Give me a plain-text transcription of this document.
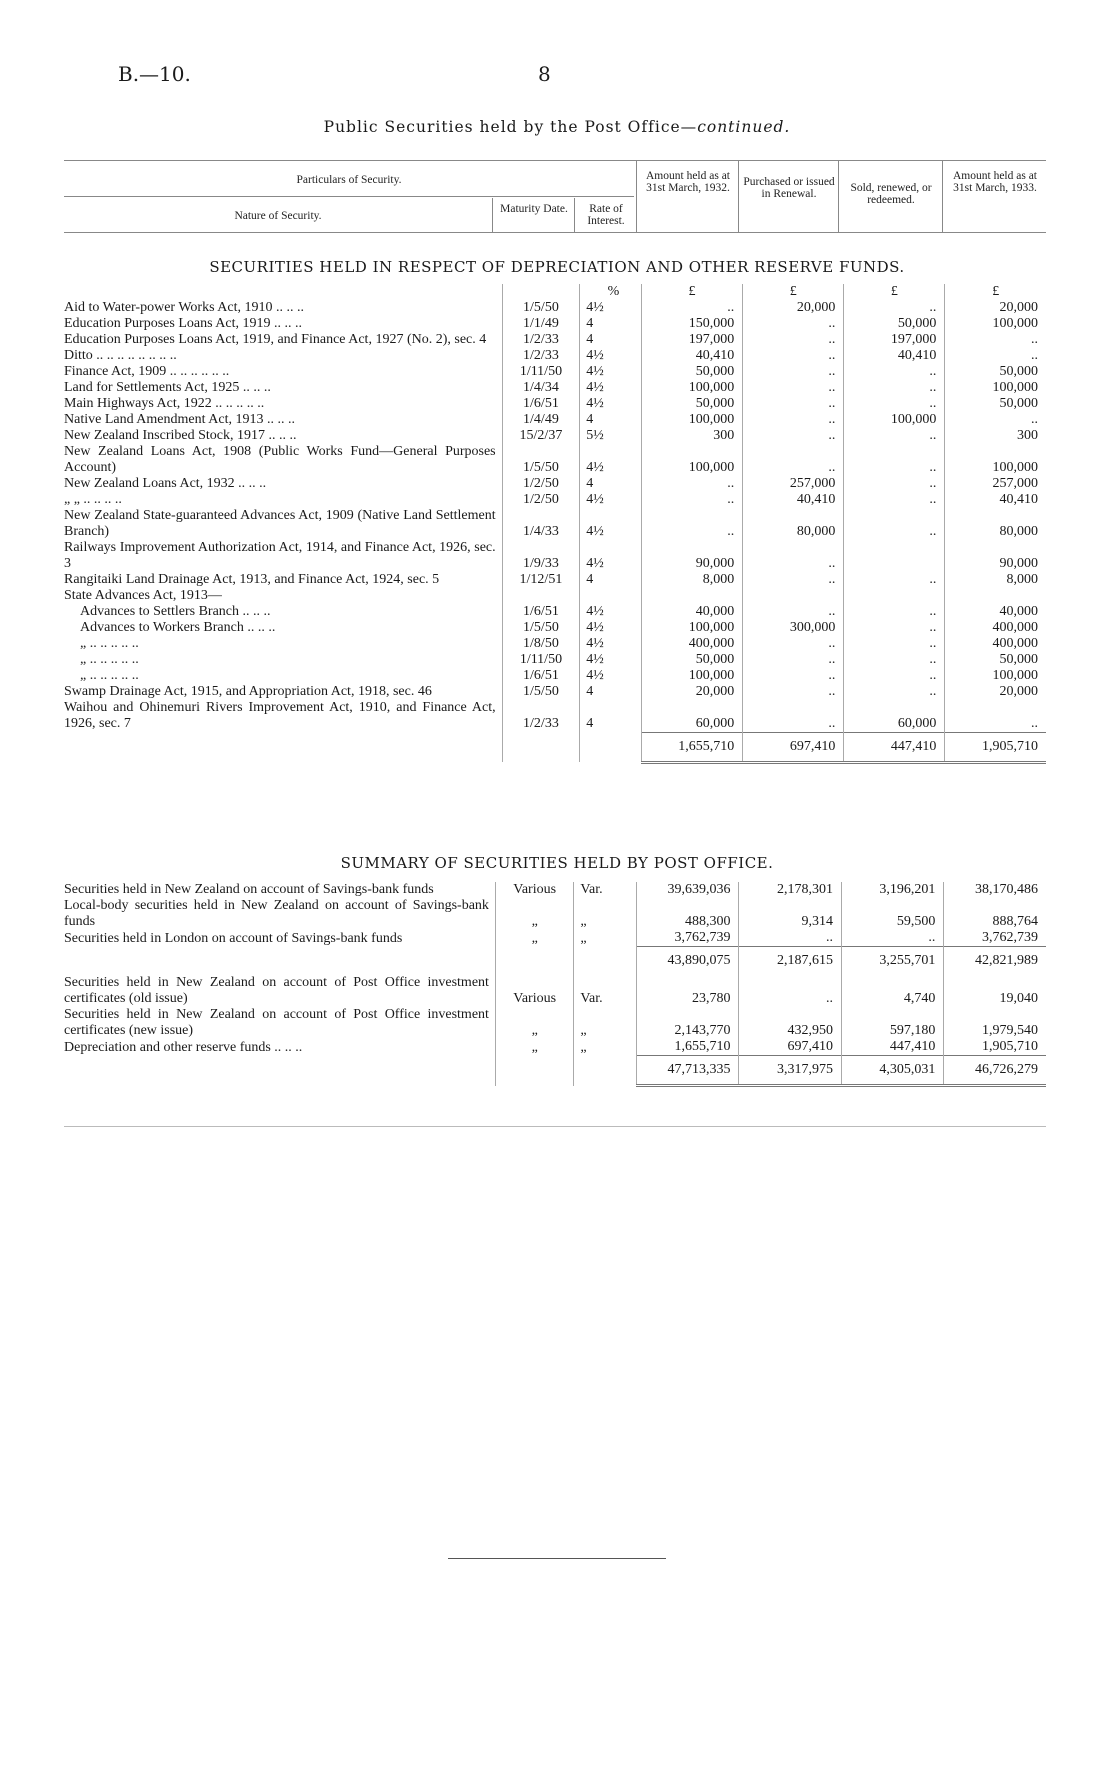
B.—10.	8
Public Securities held by the Post Office—continued.
Particulars of Security.
Nature of Security.
Maturity Date.	Rate of Interest.
Amount held as at 31st March, 1932.	Purchased or issued in Renewal.	Sold, renewed, or redeemed.
Amount held as at 31st March, 1933.
SECURITIES HELD IN RESPECT OF DEPRECIATION AND OTHER RESERVE FUNDS.
		%	£	£	£	£
Aid to Water-power Works Act, 1910 .. .. ..	1/5/50	4½	..	20,000	..	20,000
Education Purposes Loans Act, 1919 .. .. ..	1/1/49	4	150,000	..	50,000	100,000
Education Purposes Loans Act, 1919, and Finance Act, 1927 (No. 2), sec. 4	1/2/33	4	197,000	..	197,000	..
Ditto .. .. .. .. .. .. .. ..	1/2/33	4½	40,410	..	40,410	..
Finance Act, 1909 .. .. .. .. .. ..	1/11/50	4½	50,000	..	..	50,000
Land for Settlements Act, 1925 .. .. ..	1/4/34	4½	100,000	..	..	100,000
Main Highways Act, 1922 .. .. .. .. ..	1/6/51	4½	50,000	..	..	50,000
Native Land Amendment Act, 1913 .. .. ..	1/4/49	4	100,000	..	100,000	..
New Zealand Inscribed Stock, 1917 .. .. ..	15/2/37	5½	300	..	..	300
New Zealand Loans Act, 1908 (Public Works Fund—General Purposes Account)	1/5/50	4½	100,000	..	..	100,000
New Zealand Loans Act, 1932 .. .. ..	1/2/50	4	..	257,000	..	257,000
„ „ .. .. .. ..	1/2/50	4½	..	40,410	..	40,410
New Zealand State-guaranteed Advances Act, 1909 (Native Land Settlement Branch)	1/4/33	4½	..	80,000	..	80,000
Railways Improvement Authorization Act, 1914, and Finance Act, 1926, sec. 3	1/9/33	4½	90,000	..		90,000
Rangitaiki Land Drainage Act, 1913, and Finance Act, 1924, sec. 5	1/12/51	4	8,000	..	..	8,000
State Advances Act, 1913—						
Advances to Settlers Branch .. .. ..	1/6/51	4½	40,000	..	..	40,000
Advances to Workers Branch .. .. ..	1/5/50	4½	100,000	300,000	..	400,000
„ .. .. .. .. ..	1/8/50	4½	400,000	..	..	400,000
„ .. .. .. .. ..	1/11/50	4½	50,000	..	..	50,000
„ .. .. .. .. ..	1/6/51	4½	100,000	..	..	100,000
Swamp Drainage Act, 1915, and Appropriation Act, 1918, sec. 46	1/5/50	4	20,000	..	..	20,000
Waihou and Ohinemuri Rivers Improvement Act, 1910, and Finance Act, 1926, sec. 7	1/2/33	4	60,000	..	60,000	..
			1,655,710	697,410	447,410	1,905,710
SUMMARY OF SECURITIES HELD BY POST OFFICE.
Securities held in New Zealand on account of Savings-bank funds	Various	Var.	39,639,036	2,178,301	3,196,201	38,170,486
Local-body securities held in New Zealand on account of Savings-bank funds	„	„	488,300	9,314	59,500	888,764
Securities held in London on account of Savings-bank funds	„	„	3,762,739	..	..	3,762,739
			43,890,075	2,187,615	3,255,701	42,821,989
Securities held in New Zealand on account of Post Office investment certificates (old issue)	Various	Var.	23,780	..	4,740	19,040
Securities held in New Zealand on account of Post Office investment certificates (new issue)	„	„	2,143,770	432,950	597,180	1,979,540
Depreciation and other reserve funds .. .. ..	„	„	1,655,710	697,410	447,410	1,905,710
			47,713,335	3,317,975	4,305,031	46,726,279
